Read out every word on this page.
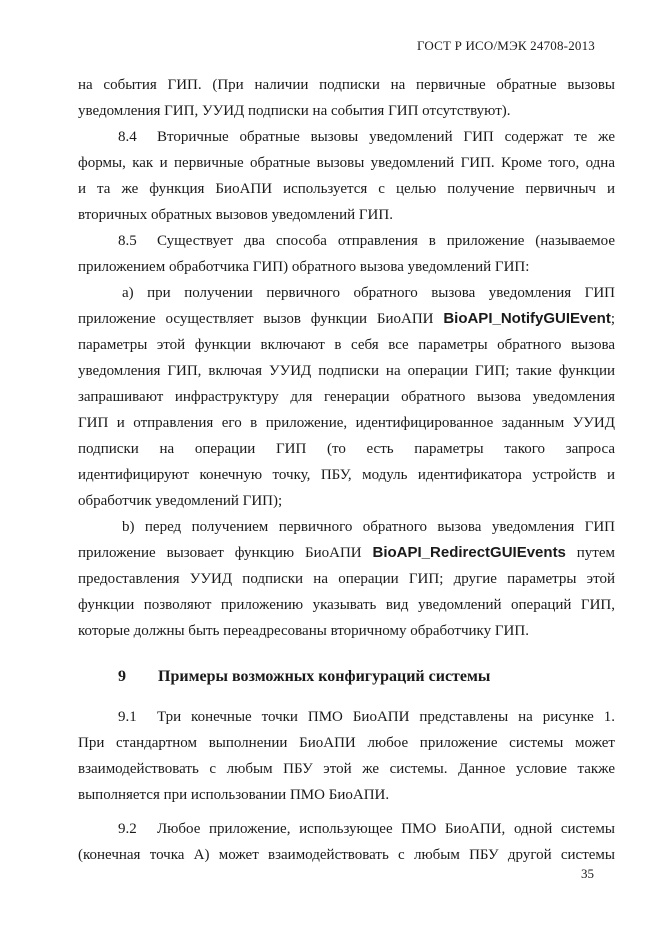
ГОСТ Р ИСО/МЭК 24708-2013
на события ГИП. (При наличии подписки на первичные обратные вызовы
уведомления ГИП, УУИД подписки на события ГИП отсутствуют).
8.4 Вторичные обратные вызовы уведомлений ГИП содержат те же
формы, как и первичные обратные вызовы уведомлений ГИП. Кроме того, одна
и та же функция БиоАПИ используется с целью получение первичныч и
вторичных обратных вызовов уведомлений ГИП.
8.5 Существует два способа отправления в приложение (называемое
приложением обработчика ГИП) обратного вызова уведомлений ГИП:
а) при получении первичного обратного вызова уведомления ГИП
приложение осуществляет вызов функции БиоАПИ BioAPI_NotifyGUIEvent;
параметры этой функции включают в себя все параметры обратного вызова
уведомления ГИП, включая УУИД подписки на операции ГИП; такие функции
запрашивают инфраструктуру для генерации обратного вызова уведомления
ГИП и отправления его в приложение, идентифицированное заданным УУИД
подписки на операции ГИП (то есть параметры такого запроса
идентифицируют конечную точку, ПБУ, модуль идентификатора устройств и
обработчик уведомлений ГИП);
b) перед получением первичного обратного вызова уведомления ГИП
приложение вызовает функцию БиоАПИ BioAPI_RedirectGUIEvents путем
предоставления УУИД подписки на операции ГИП; другие параметры этой
функции позволяют приложению указывать вид уведомлений операций ГИП,
которые должны быть переадресованы вторичному обработчику ГИП.
9.1 Три конечные точки ПМО БиоАПИ представлены на рисунке 1.
При стандартном выполнении БиоАПИ любое приложение системы может
взаимодействовать с любым ПБУ этой же системы. Данное условие также
выполняется при использовании ПМО БиоАПИ.
9.2 Любое приложение, использующее ПМО БиоАПИ, одной системы
(конечная точка А) может взаимодействовать с любым ПБУ другой системы
9 Примеры возможных конфигураций системы
35
